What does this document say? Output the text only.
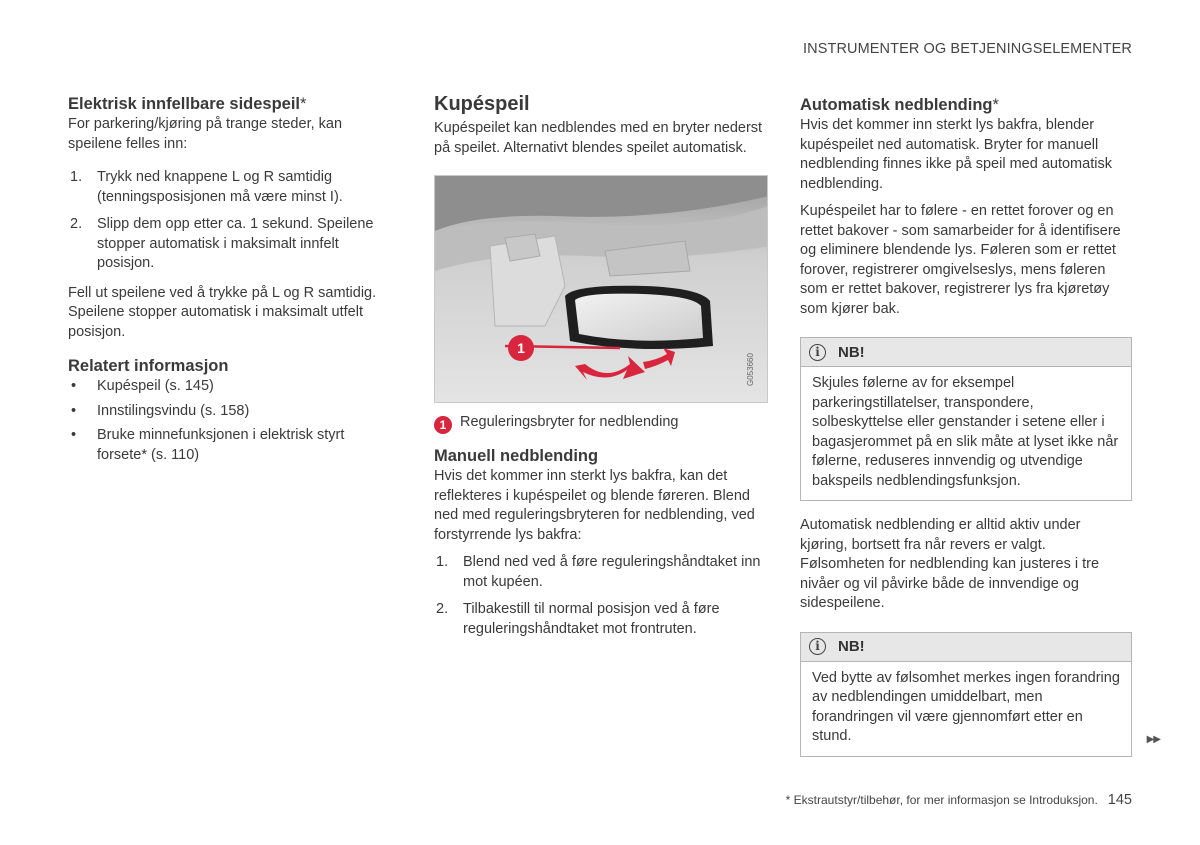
INSTRUMENTER OG BETJENINGSELEMENTER
Elektrisk innfellbare sidespeil*

For parkering/kjøring på trange steder, kan speilene felles inn:

1. Trykk ned knappene L og R samtidig (tenningsposisjonen må være minst I).
2. Slipp dem opp etter ca. 1 sekund. Speilene stopper automatisk i maksimalt innfelt posisjon.

Fell ut speilene ved å trykke på L og R samtidig. Speilene stopper automatisk i maksimalt utfelt posisjon.

Relatert informasjon
• Kupéspeil (s. 145)
• Innstilingsvindu (s. 158)
• Bruke minnefunksjonen i elektrisk styrt forsete* (s. 110)
Kupéspeil

Kupéspeilet kan nedblendes med en bryter nederst på speilet. Alternativt blendes speilet automatisk.

1
G053660
1 Reguleringsbryter for nedblending
Manuell nedblending

Hvis det kommer inn sterkt lys bakfra, kan det reflekteres i kupéspeilet og blende føreren. Blend ned med reguleringsbryteren for nedblending, ved forstyrrende lys bakfra:

1. Blend ned ved å føre reguleringshåndtaket inn mot kupéen.
2. Tilbakestill til normal posisjon ved å føre reguleringshåndtaket mot frontruten.
Automatisk nedblending*

Hvis det kommer inn sterkt lys bakfra, blender kupéspeilet ned automatisk. Bryter for manuell nedblending finnes ikke på speil med automatisk nedblending.

Kupéspeilet har to følere - en rettet forover og en rettet bakover - som samarbeider for å identifisere og eliminere blendende lys. Føleren som er rettet forover, registrerer omgivelseslys, mens føleren som er rettet bakover, registrerer lys fra kjøretøy som kjører bak.

i	NB!
Skjules følerne av for eksempel parkeringstillatelser, transpondere, solbeskyttelse eller genstander i setene eller i bagasjerommet på en slik måte at lyset ikke når følerne, reduseres innvendig og utvendige bakspeils nedblendingsfunksjon.

Automatisk nedblending er alltid aktiv under kjøring, bortsett fra når revers er valgt. Følsomheten for nedblending kan justeres i tre nivåer og vil påvirke både de innvendige og sidespeilene.

i	NB!
Ved bytte av følsomhet merkes ingen forandring av nedblendingen umiddelbart, men forandringen vil være gjennomført etter en stund.	▶▶
* Ekstrautstyr/tilbehør, for mer informasjon se Introduksjon. 145
